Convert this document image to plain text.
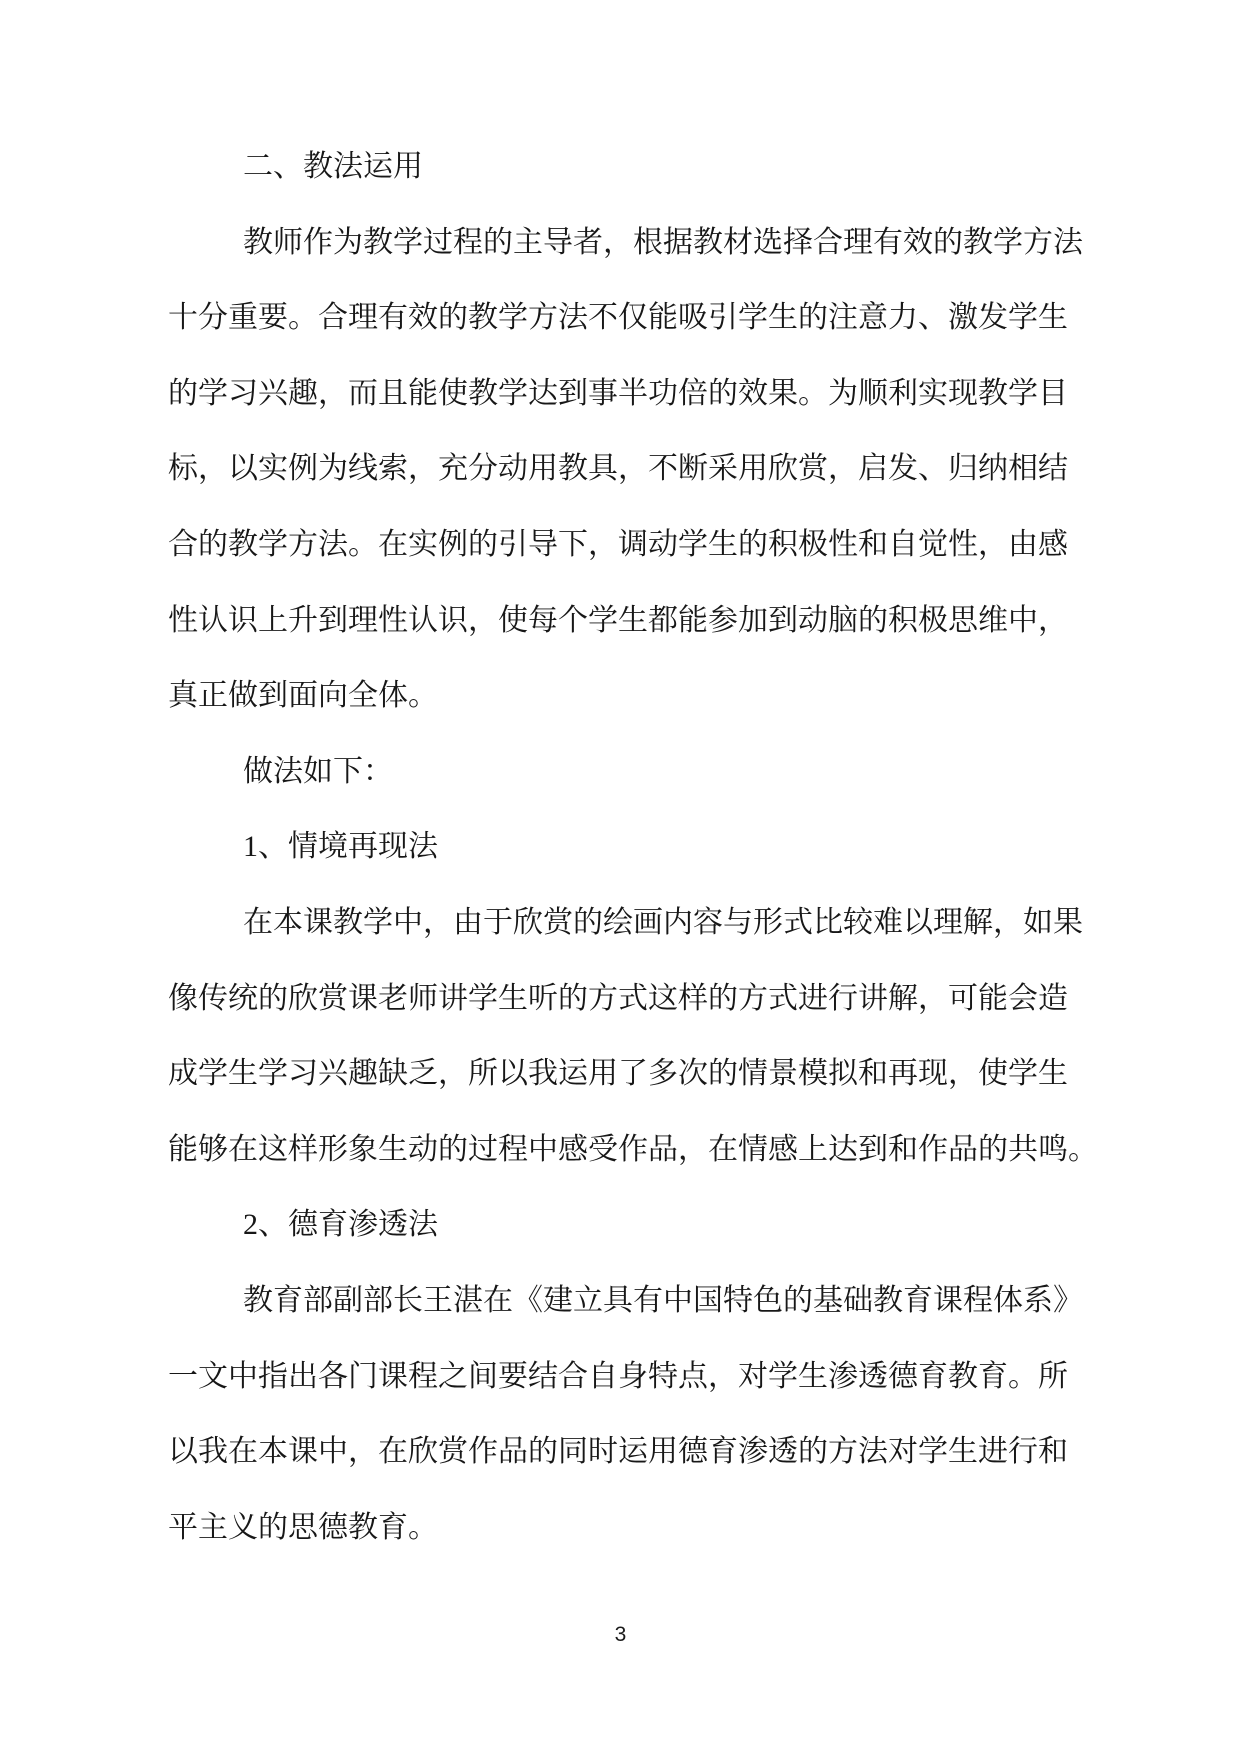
二、教法运用
教师作为教学过程的主导者，根据教材选择合理有效的教学方法
十分重要。合理有效的教学方法不仅能吸引学生的注意力、激发学生
的学习兴趣，而且能使教学达到事半功倍的效果。为顺利实现教学目
标，以实例为线索，充分动用教具，不断采用欣赏，启发、归纳相结
合的教学方法。在实例的引导下，调动学生的积极性和自觉性，由感
性认识上升到理性认识，使每个学生都能参加到动脑的积极思维中，
真正做到面向全体。
做法如下：
1、情境再现法
在本课教学中，由于欣赏的绘画内容与形式比较难以理解，如果
像传统的欣赏课老师讲学生听的方式这样的方式进行讲解，可能会造
成学生学习兴趣缺乏，所以我运用了多次的情景模拟和再现，使学生
能够在这样形象生动的过程中感受作品，在情感上达到和作品的共鸣。
2、德育渗透法
教育部副部长王湛在《建立具有中国特色的基础教育课程体系》
一文中指出各门课程之间要结合自身特点，对学生渗透德育教育。所
以我在本课中，在欣赏作品的同时运用德育渗透的方法对学生进行和
平主义的思德教育。
3
